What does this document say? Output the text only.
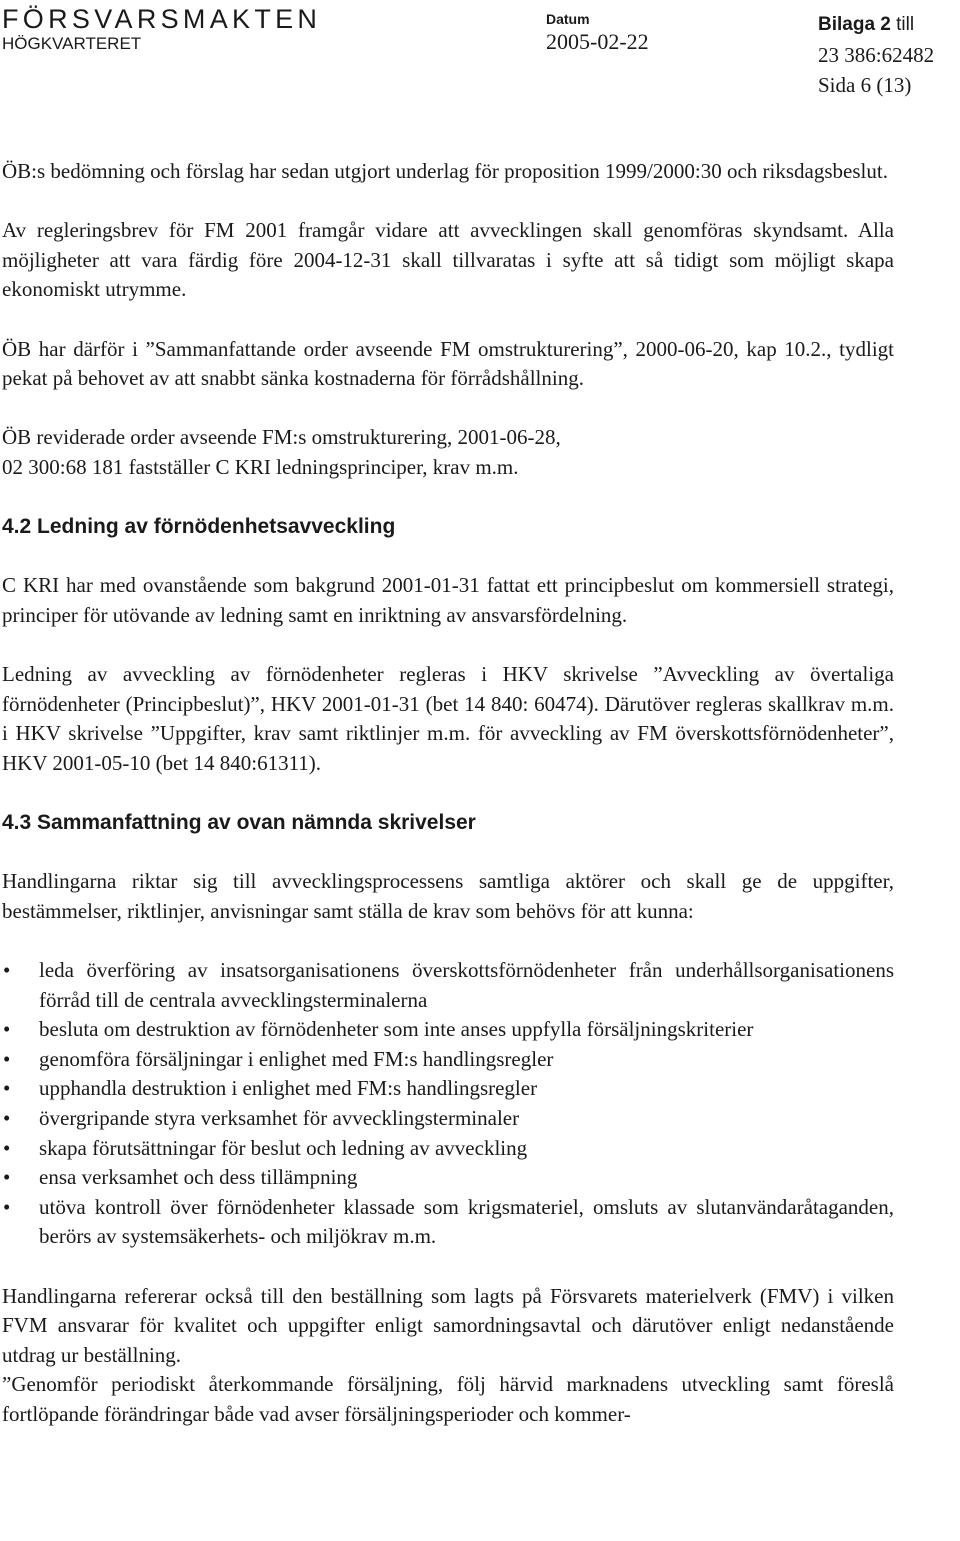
FÖRSVARSMAKTEN
HÖGKVARTERET
Datum
2005-02-22
Bilaga 2 till
23 386:62482
Sida 6 (13)

ÖB:s bedömning och förslag har sedan utgjort underlag för proposition 1999/2000:30 och riksdagsbeslut.

Av regleringsbrev för FM 2001 framgår vidare att avvecklingen skall genomföras skyndsamt. Alla möjligheter att vara färdig före 2004-12-31 skall tillvaratas i syfte att så tidigt som möjligt skapa ekonomiskt utrymme.

ÖB har därför i ”Sammanfattande order avseende FM omstrukturering”, 2000-06-20, kap 10.2., tydligt pekat på behovet av att snabbt sänka kostnaderna för förrådshållning.

ÖB reviderade order avseende FM:s omstrukturering, 2001-06-28,
02 300:68 181 fastställer C KRI ledningsprinciper, krav m.m.

4.2 Ledning av förnödenhetsavveckling

C KRI har med ovanstående som bakgrund 2001-01-31 fattat ett principbeslut om kommersiell strategi, principer för utövande av ledning samt en inriktning av ansvarsfördelning.

Ledning av avveckling av förnödenheter regleras i HKV skrivelse ”Avveckling av övertaliga förnödenheter (Principbeslut)”, HKV 2001-01-31 (bet 14 840: 60474). Därutöver regleras skallkrav m.m. i HKV skrivelse ”Uppgifter, krav samt riktlinjer m.m. för avveckling av FM överskottsförnödenheter”, HKV 2001-05-10 (bet 14 840:61311).

4.3 Sammanfattning av ovan nämnda skrivelser

Handlingarna riktar sig till avvecklingsprocessens samtliga aktörer och skall ge de uppgifter, bestämmelser, riktlinjer, anvisningar samt ställa de krav som behövs för att kunna:

• leda överföring av insatsorganisationens överskottsförnödenheter från underhållsorganisationens förråd till de centrala avvecklingsterminalerna
• besluta om destruktion av förnödenheter som inte anses uppfylla försäljningskriterier
• genomföra försäljningar i enlighet med FM:s handlingsregler
• upphandla destruktion i enlighet med FM:s handlingsregler
• övergripande styra verksamhet för avvecklingsterminaler
• skapa förutsättningar för beslut och ledning av avveckling
• ensa verksamhet och dess tillämpning
• utöva kontroll över förnödenheter klassade som krigsmateriel, omsluts av slutanvändaråtaganden, berörs av systemsäkerhets- och miljökrav m.m.

Handlingarna refererar också till den beställning som lagts på Försvarets materielverk (FMV) i vilken FVM ansvarar för kvalitet och uppgifter enligt samordningsavtal och därutöver enligt nedanstående utdrag ur beställning.

”Genomför periodiskt återkommande försäljning, följ härvid marknadens utveckling samt föreslå fortlöpande förändringar både vad avser försäljningsperioder och kommer-
